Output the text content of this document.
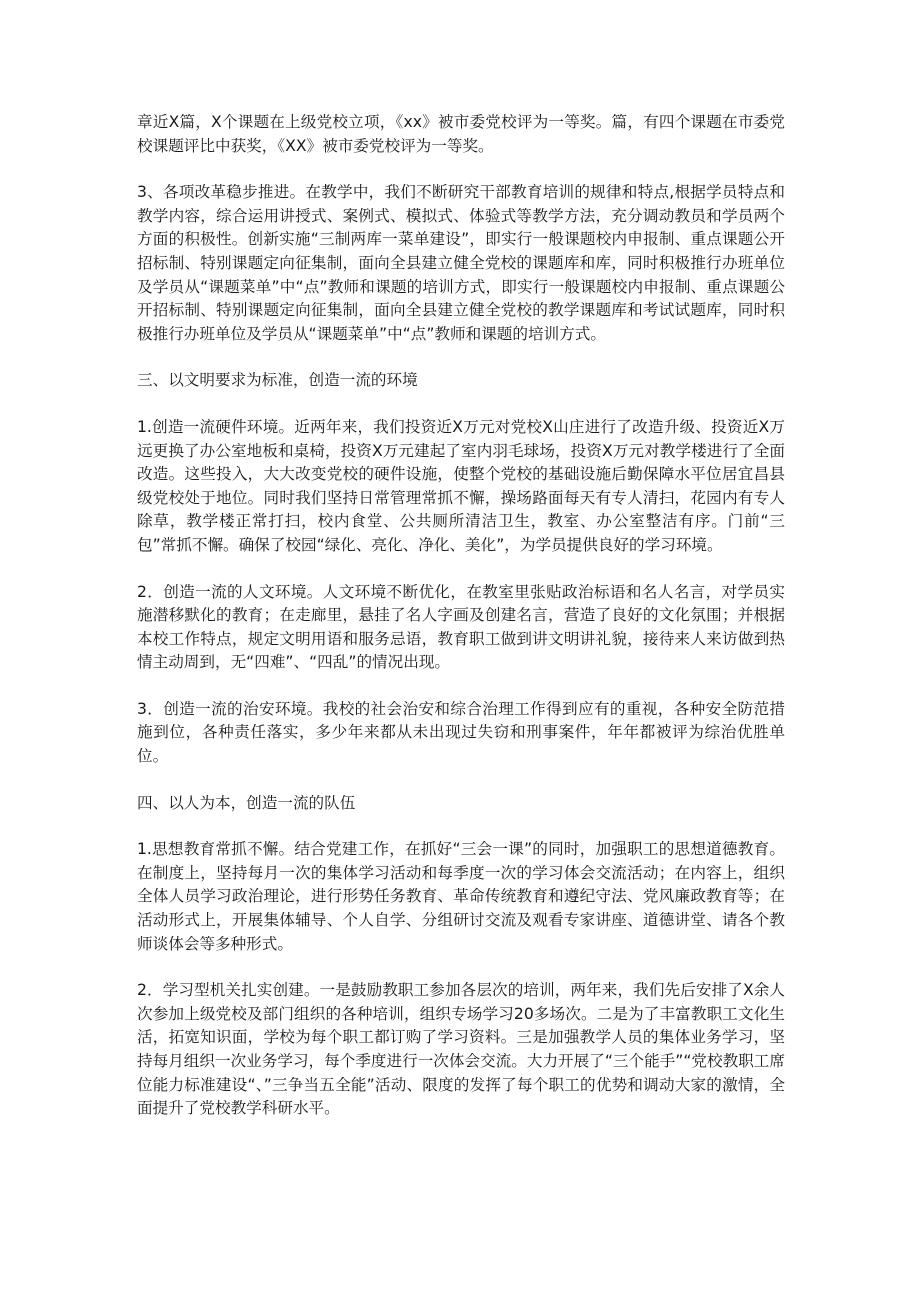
章近X篇，X个课题在上级党校立项，《xx》被市委党校评为一等奖。篇，有四个课题在市委党校课题评比中获奖，《XX》被市委党校评为一等奖。

3、各项改革稳步推进。在教学中，我们不断研究干部教育培训的规律和特点,根据学员特点和教学内容，综合运用讲授式、案例式、模拟式、体验式等教学方法，充分调动教员和学员两个方面的积极性。创新实施“三制两库一菜单建设”，即实行一般课题校内申报制、重点课题公开招标制、特别课题定向征集制，面向全县建立健全党校的课题库和库，同时积极推行办班单位及学员从“课题菜单”中“点”教师和课题的培训方式，即实行一般课题校内申报制、重点课题公开招标制、特别课题定向征集制，面向全县建立健全党校的教学课题库和考试试题库，同时积极推行办班单位及学员从“课题菜单”中“点”教师和课题的培训方式。

三、以文明要求为标准，创造一流的环境

1.创造一流硬件环境。近两年来，我们投资近X万元对党校X山庄进行了改造升级、投资近X万远更换了办公室地板和桌椅，投资X万元建起了室内羽毛球场，投资X万元对教学楼进行了全面改造。这些投入，大大改变党校的硬件设施，使整个党校的基础设施后勤保障水平位居宜昌县级党校处于地位。同时我们坚持日常管理常抓不懈，操场路面每天有专人清扫，花园内有专人除草，教学楼正常打扫，校内食堂、公共厕所清洁卫生，教室、办公室整洁有序。门前“三包”常抓不懈。确保了校园“绿化、亮化、净化、美化”，为学员提供良好的学习环境。

2．创造一流的人文环境。人文环境不断优化，在教室里张贴政治标语和名人名言，对学员实施潜移默化的教育；在走廊里，悬挂了名人字画及创建名言，营造了良好的文化氛围；并根据本校工作特点，规定文明用语和服务忌语，教育职工做到讲文明讲礼貌，接待来人来访做到热情主动周到，无“四难”、“四乱”的情况出现。

3．创造一流的治安环境。我校的社会治安和综合治理工作得到应有的重视，各种安全防范措施到位，各种责任落实，多少年来都从未出现过失窃和刑事案件，年年都被评为综治优胜单位。

四、以人为本，创造一流的队伍

1.思想教育常抓不懈。结合党建工作，在抓好“三会一课”的同时，加强职工的思想道德教育。在制度上，坚持每月一次的集体学习活动和每季度一次的学习体会交流活动；在内容上，组织全体人员学习政治理论，进行形势任务教育、革命传统教育和遵纪守法、党风廉政教育等；在活动形式上，开展集体辅导、个人自学、分组研讨交流及观看专家讲座、道德讲堂、请各个教师谈体会等多种形式。

2．学习型机关扎实创建。一是鼓励教职工参加各层次的培训，两年来，我们先后安排了X余人次参加上级党校及部门组织的各种培训，组织专场学习20多场次。二是为了丰富教职工文化生活，拓宽知识面，学校为每个职工都订购了学习资料。三是加强教学人员的集体业务学习，坚持每月组织一次业务学习，每个季度进行一次体会交流。大力开展了“三个能手”“党校教职工席位能力标准建设“、”三争当五全能”活动、限度的发挥了每个职工的优势和调动大家的激情，全面提升了党校教学科研水平。
